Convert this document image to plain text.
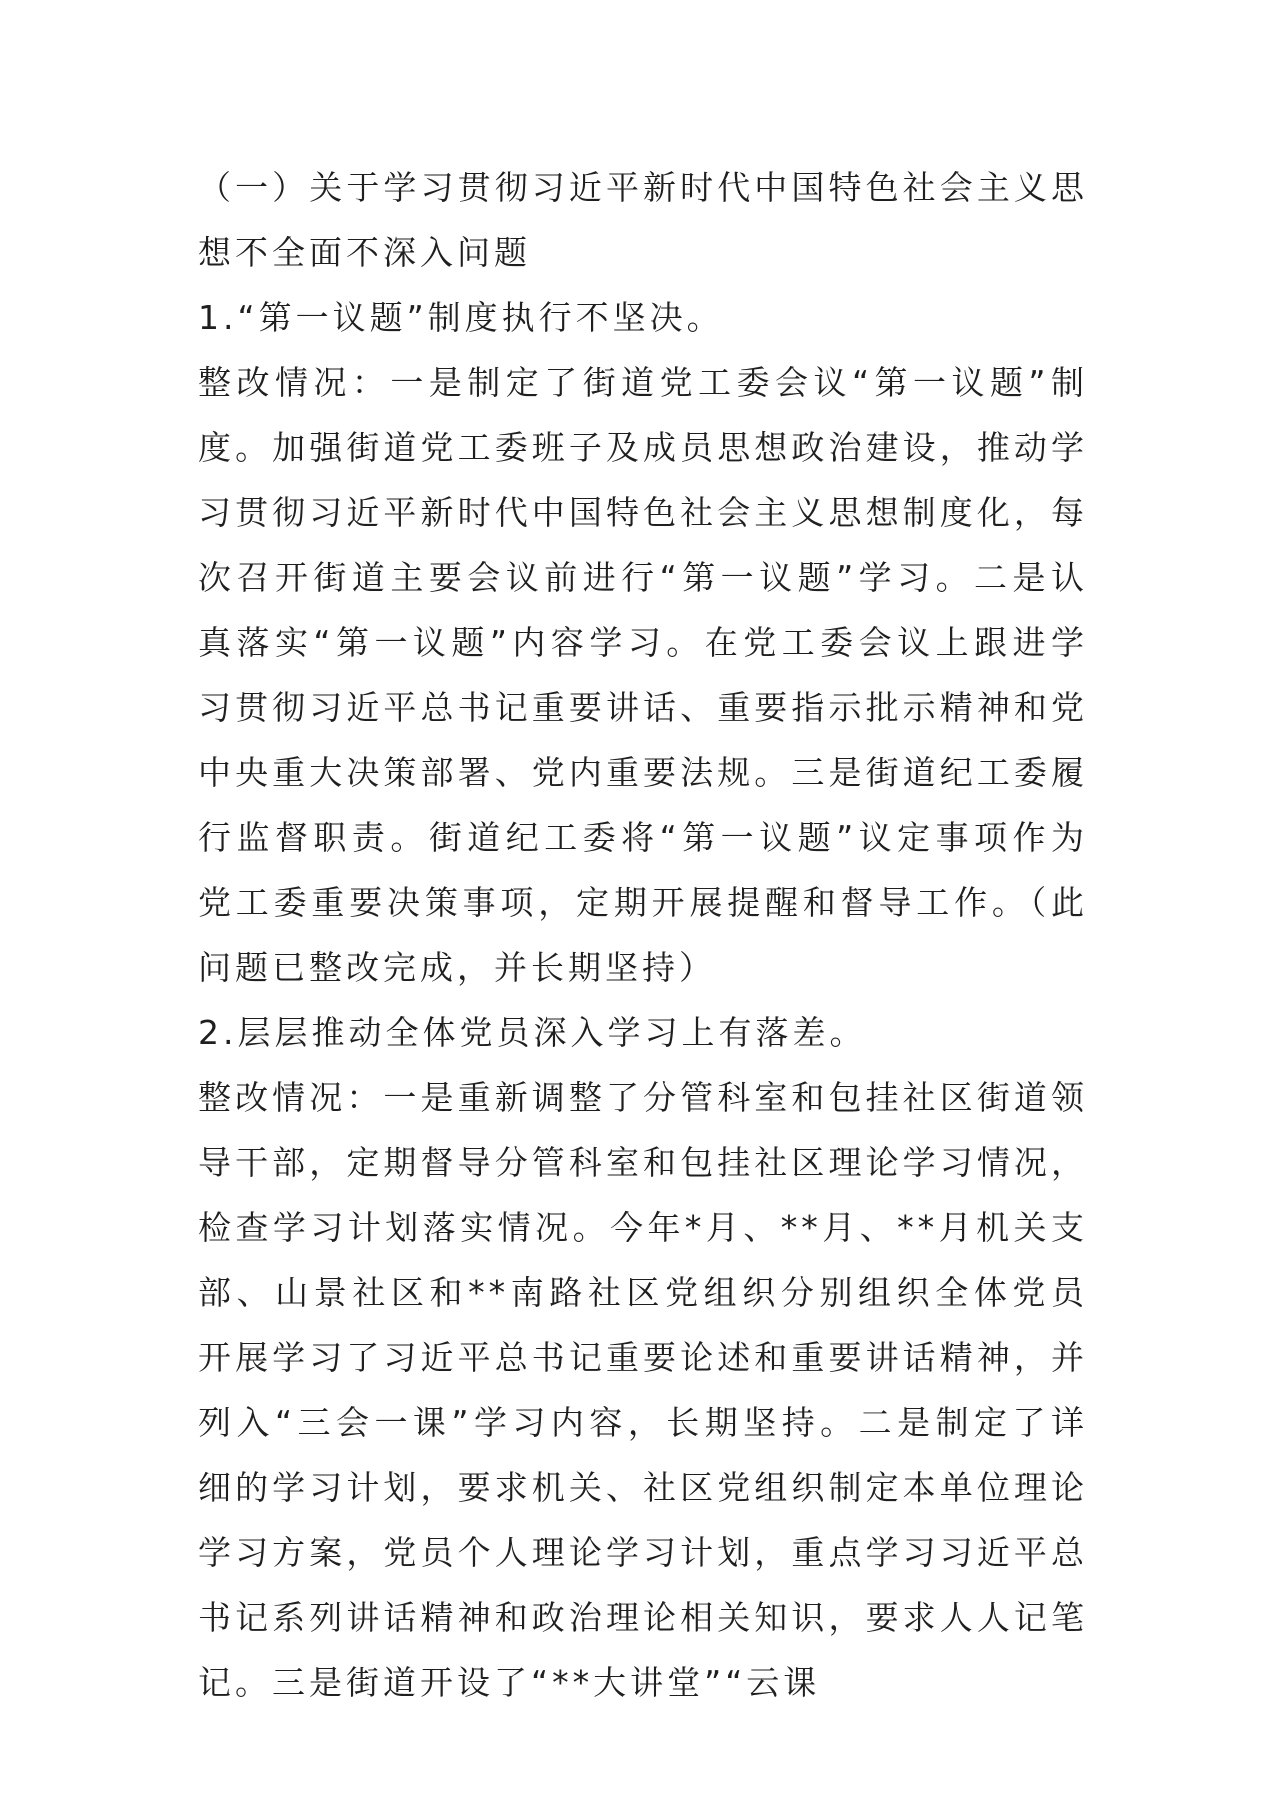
（一）关于学习贯彻习近平新时代中国特色社会主义思想不全面不深入问题

1.“第一议题”制度执行不坚决。

整改情况：一是制定了街道党工委会议“第一议题”制度。加强街道党工委班子及成员思想政治建设，推动学习贯彻习近平新时代中国特色社会主义思想制度化，每次召开街道主要会议前进行“第一议题”学习。二是认真落实“第一议题”内容学习。在党工委会议上跟进学习贯彻习近平总书记重要讲话、重要指示批示精神和党中央重大决策部署、党内重要法规。三是街道纪工委履行监督职责。街道纪工委将“第一议题”议定事项作为党工委重要决策事项，定期开展提醒和督导工作。（此问题已整改完成，并长期坚持）

2.层层推动全体党员深入学习上有落差。

整改情况：一是重新调整了分管科室和包挂社区街道领导干部，定期督导分管科室和包挂社区理论学习情况，检查学习计划落实情况。今年*月、**月、**月机关支部、山景社区和**南路社区党组织分别组织全体党员开展学习了习近平总书记重要论述和重要讲话精神，并列入“三会一课”学习内容，长期坚持。二是制定了详细的学习计划，要求机关、社区党组织制定本单位理论学习方案，党员个人理论学习计划，重点学习习近平总书记系列讲话精神和政治理论相关知识，要求人人记笔记。三是街道开设了“**大讲堂”“云课
